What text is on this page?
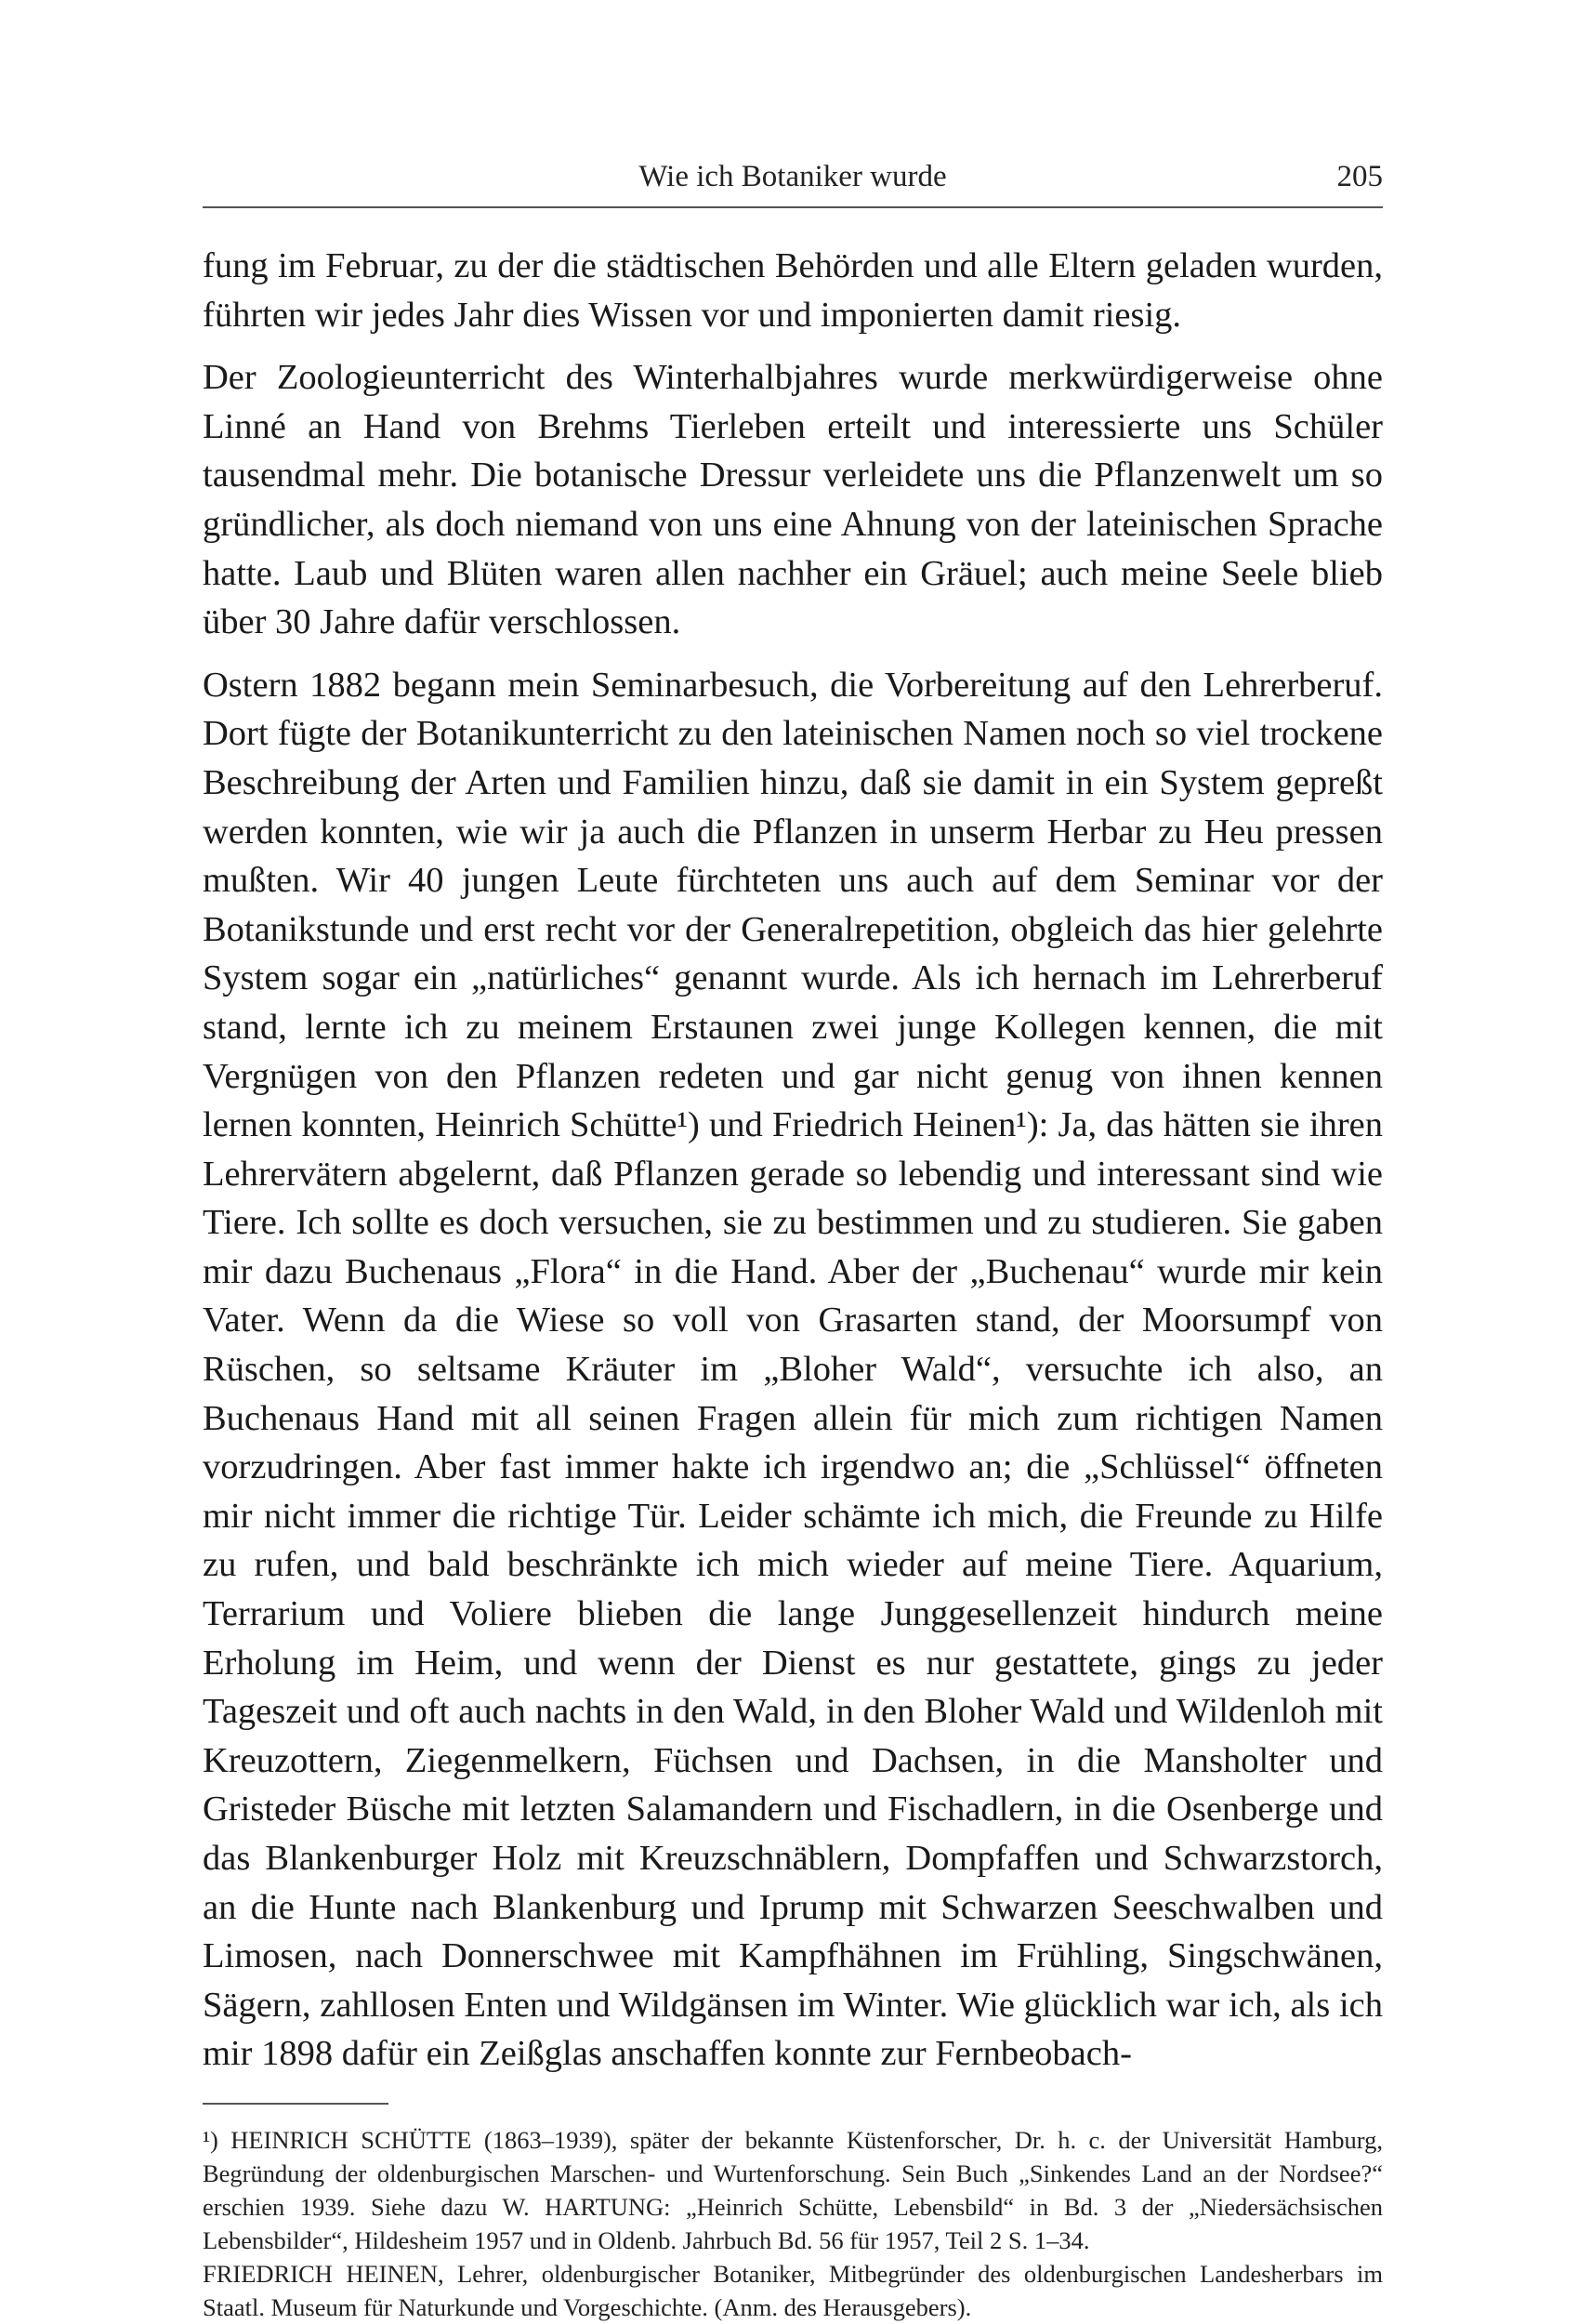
Wie ich Botaniker wurde	205

fung im Februar, zu der die städtischen Behörden und alle Eltern geladen wurden, führten wir jedes Jahr dies Wissen vor und imponierten damit riesig.

Der Zoologieunterricht des Winterhalbjahres wurde merkwürdigerweise ohne Linné an Hand von Brehms Tierleben erteilt und interessierte uns Schüler tausendmal mehr. Die botanische Dressur verleidete uns die Pflanzenwelt um so gründlicher, als doch niemand von uns eine Ahnung von der lateinischen Sprache hatte. Laub und Blüten waren allen nachher ein Gräuel; auch meine Seele blieb über 30 Jahre dafür verschlossen.

Ostern 1882 begann mein Seminarbesuch, die Vorbereitung auf den Lehrerberuf. Dort fügte der Botanikunterricht zu den lateinischen Namen noch so viel trockene Beschreibung der Arten und Familien hinzu, daß sie damit in ein System gepreßt werden konnten, wie wir ja auch die Pflanzen in unserm Herbar zu Heu pressen mußten. Wir 40 jungen Leute fürchteten uns auch auf dem Seminar vor der Botanikstunde und erst recht vor der Generalrepetition, obgleich das hier gelehrte System sogar ein „natürliches“ genannt wurde. Als ich hernach im Lehrerberuf stand, lernte ich zu meinem Erstaunen zwei junge Kollegen kennen, die mit Vergnügen von den Pflanzen redeten und gar nicht genug von ihnen kennen lernen konnten, Heinrich Schütte¹) und Friedrich Heinen¹): Ja, das hätten sie ihren Lehrervätern abgelernt, daß Pflanzen gerade so lebendig und interessant sind wie Tiere. Ich sollte es doch versuchen, sie zu bestimmen und zu studieren. Sie gaben mir dazu Buchenaus „Flora“ in die Hand. Aber der „Buchenau“ wurde mir kein Vater. Wenn da die Wiese so voll von Grasarten stand, der Moorsumpf von Rüschen, so seltsame Kräuter im „Bloher Wald“, versuchte ich also, an Buchenaus Hand mit all seinen Fragen allein für mich zum richtigen Namen vorzudringen. Aber fast immer hakte ich irgendwo an; die „Schlüssel“ öffneten mir nicht immer die richtige Tür. Leider schämte ich mich, die Freunde zu Hilfe zu rufen, und bald beschränkte ich mich wieder auf meine Tiere. Aquarium, Terrarium und Voliere blieben die lange Junggesellenzeit hindurch meine Erholung im Heim, und wenn der Dienst es nur gestattete, gings zu jeder Tageszeit und oft auch nachts in den Wald, in den Bloher Wald und Wildenloh mit Kreuzottern, Ziegenmelkern, Füchsen und Dachsen, in die Mansholter und Gristeder Büsche mit letzten Salamandern und Fischadlern, in die Osenberge und das Blankenburger Holz mit Kreuzschnäblern, Dompfaffen und Schwarzstorch, an die Hunte nach Blankenburg und Iprump mit Schwarzen Seeschwalben und Limosen, nach Donnerschwee mit Kampfhähnen im Frühling, Singschwänen, Sägern, zahllosen Enten und Wildgänsen im Winter. Wie glücklich war ich, als ich mir 1898 dafür ein Zeißglas anschaffen konnte zur Fernbeobach-

¹) HEINRICH SCHÜTTE (1863–1939), später der bekannte Küstenforscher, Dr. h. c. der Universität Hamburg, Begründung der oldenburgischen Marschen- und Wurtenforschung. Sein Buch „Sinkendes Land an der Nordsee?“ erschien 1939. Siehe dazu W. HARTUNG: „Heinrich Schütte, Lebensbild“ in Bd. 3 der „Niedersächsischen Lebensbilder“, Hildesheim 1957 und in Oldenb. Jahrbuch Bd. 56 für 1957, Teil 2 S. 1–34.

FRIEDRICH HEINEN, Lehrer, oldenburgischer Botaniker, Mitbegründer des oldenburgischen Landesherbars im Staatl. Museum für Naturkunde und Vorgeschichte. (Anm. des Herausgebers).
